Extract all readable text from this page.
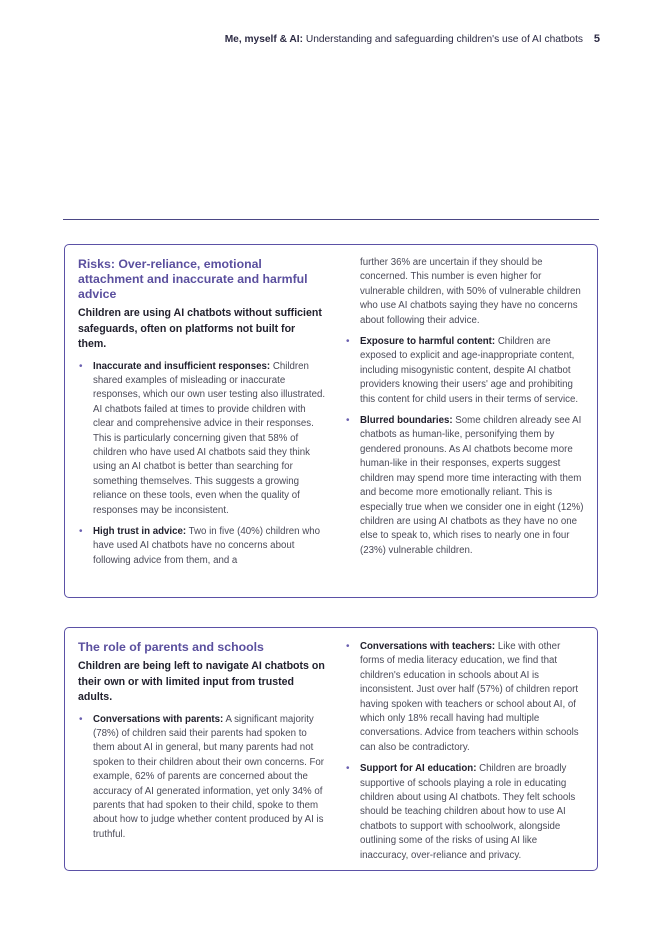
Me, myself & AI: Understanding and safeguarding children's use of AI chatbots 5
Risks: Over-reliance, emotional attachment and inaccurate and harmful advice

Children are using AI chatbots without sufficient safeguards, often on platforms not built for them.

• Inaccurate and insufficient responses: Children shared examples of misleading or inaccurate responses, which our own user testing also illustrated. AI chatbots failed at times to provide children with clear and comprehensive advice in their responses. This is particularly concerning given that 58% of children who have used AI chatbots said they think using an AI chatbot is better than searching for something themselves. This suggests a growing reliance on these tools, even when the quality of responses may be inconsistent.
• High trust in advice: Two in five (40%) children who have used AI chatbots have no concerns about following advice from them, and a

further 36% are uncertain if they should be concerned. This number is even higher for vulnerable children, with 50% of vulnerable children who use AI chatbots saying they have no concerns about following their advice.

• Exposure to harmful content: Children are exposed to explicit and age-inappropriate content, including misogynistic content, despite AI chatbot providers knowing their users' age and prohibiting this content for child users in their terms of service.
• Blurred boundaries: Some children already see AI chatbots as human-like, personifying them by gendered pronouns. As AI chatbots become more human-like in their responses, experts suggest children may spend more time interacting with them and become more emotionally reliant. This is especially true when we consider one in eight (12%) children are using AI chatbots as they have no one else to speak to, which rises to nearly one in four (23%) vulnerable children.
The role of parents and schools

Children are being left to navigate AI chatbots on their own or with limited input from trusted adults.

• Conversations with parents: A significant majority (78%) of children said their parents had spoken to them about AI in general, but many parents had not spoken to their children about their own concerns. For example, 62% of parents are concerned about the accuracy of AI generated information, yet only 34% of parents that had spoken to their child, spoke to them about how to judge whether content produced by AI is truthful.
• Conversations with teachers: Like with other forms of media literacy education, we find that children's education in schools about AI is inconsistent. Just over half (57%) of children report having spoken with teachers or school about AI, of which only 18% recall having had multiple conversations. Advice from teachers within schools can also be contradictory.
• Support for AI education: Children are broadly supportive of schools playing a role in educating children about using AI chatbots. They felt schools should be teaching children about how to use AI chatbots to support with schoolwork, alongside outlining some of the risks of using AI like inaccuracy, over-reliance and privacy.
